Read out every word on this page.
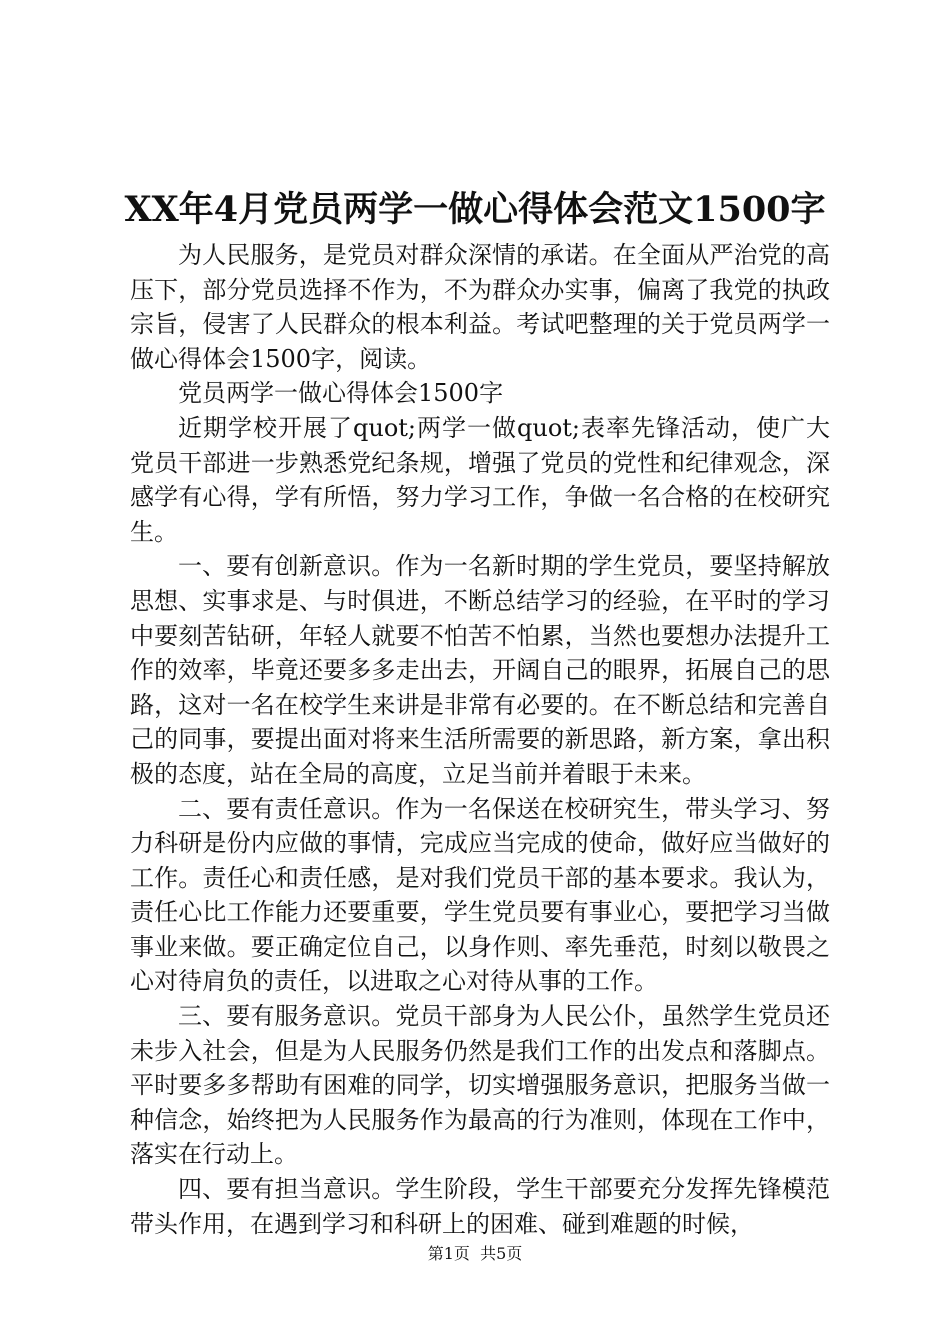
XX年4月党员两学一做心得体会范文1500字

为人民服务，是党员对群众深情的承诺。在全面从严治党的高压下，部分党员选择不作为，不为群众办实事，偏离了我党的执政宗旨，侵害了人民群众的根本利益。考试吧整理的关于党员两学一做心得体会1500字，阅读。

党员两学一做心得体会1500字

近期学校开展了quot;两学一做quot;表率先锋活动，使广大党员干部进一步熟悉党纪条规，增强了党员的党性和纪律观念，深感学有心得，学有所悟，努力学习工作，争做一名合格的在校研究生。

一、要有创新意识。作为一名新时期的学生党员，要坚持解放思想、实事求是、与时俱进，不断总结学习的经验，在平时的学习中要刻苦钻研，年轻人就要不怕苦不怕累，当然也要想办法提升工作的效率，毕竟还要多多走出去，开阔自己的眼界，拓展自己的思路，这对一名在校学生来讲是非常有必要的。在不断总结和完善自己的同事，要提出面对将来生活所需要的新思路，新方案，拿出积极的态度，站在全局的高度，立足当前并着眼于未来。

二、要有责任意识。作为一名保送在校研究生，带头学习、努力科研是份内应做的事情，完成应当完成的使命，做好应当做好的工作。责任心和责任感，是对我们党员干部的基本要求。我认为，责任心比工作能力还要重要，学生党员要有事业心，要把学习当做事业来做。要正确定位自己，以身作则、率先垂范，时刻以敬畏之心对待肩负的责任，以进取之心对待从事的工作。

三、要有服务意识。党员干部身为人民公仆，虽然学生党员还未步入社会，但是为人民服务仍然是我们工作的出发点和落脚点。平时要多多帮助有困难的同学，切实增强服务意识，把服务当做一种信念，始终把为人民服务作为最高的行为准则，体现在工作中，落实在行动上。

四、要有担当意识。学生阶段，学生干部要充分发挥先锋模范带头作用，在遇到学习和科研上的困难、碰到难题的时候，

第1页 共5页
